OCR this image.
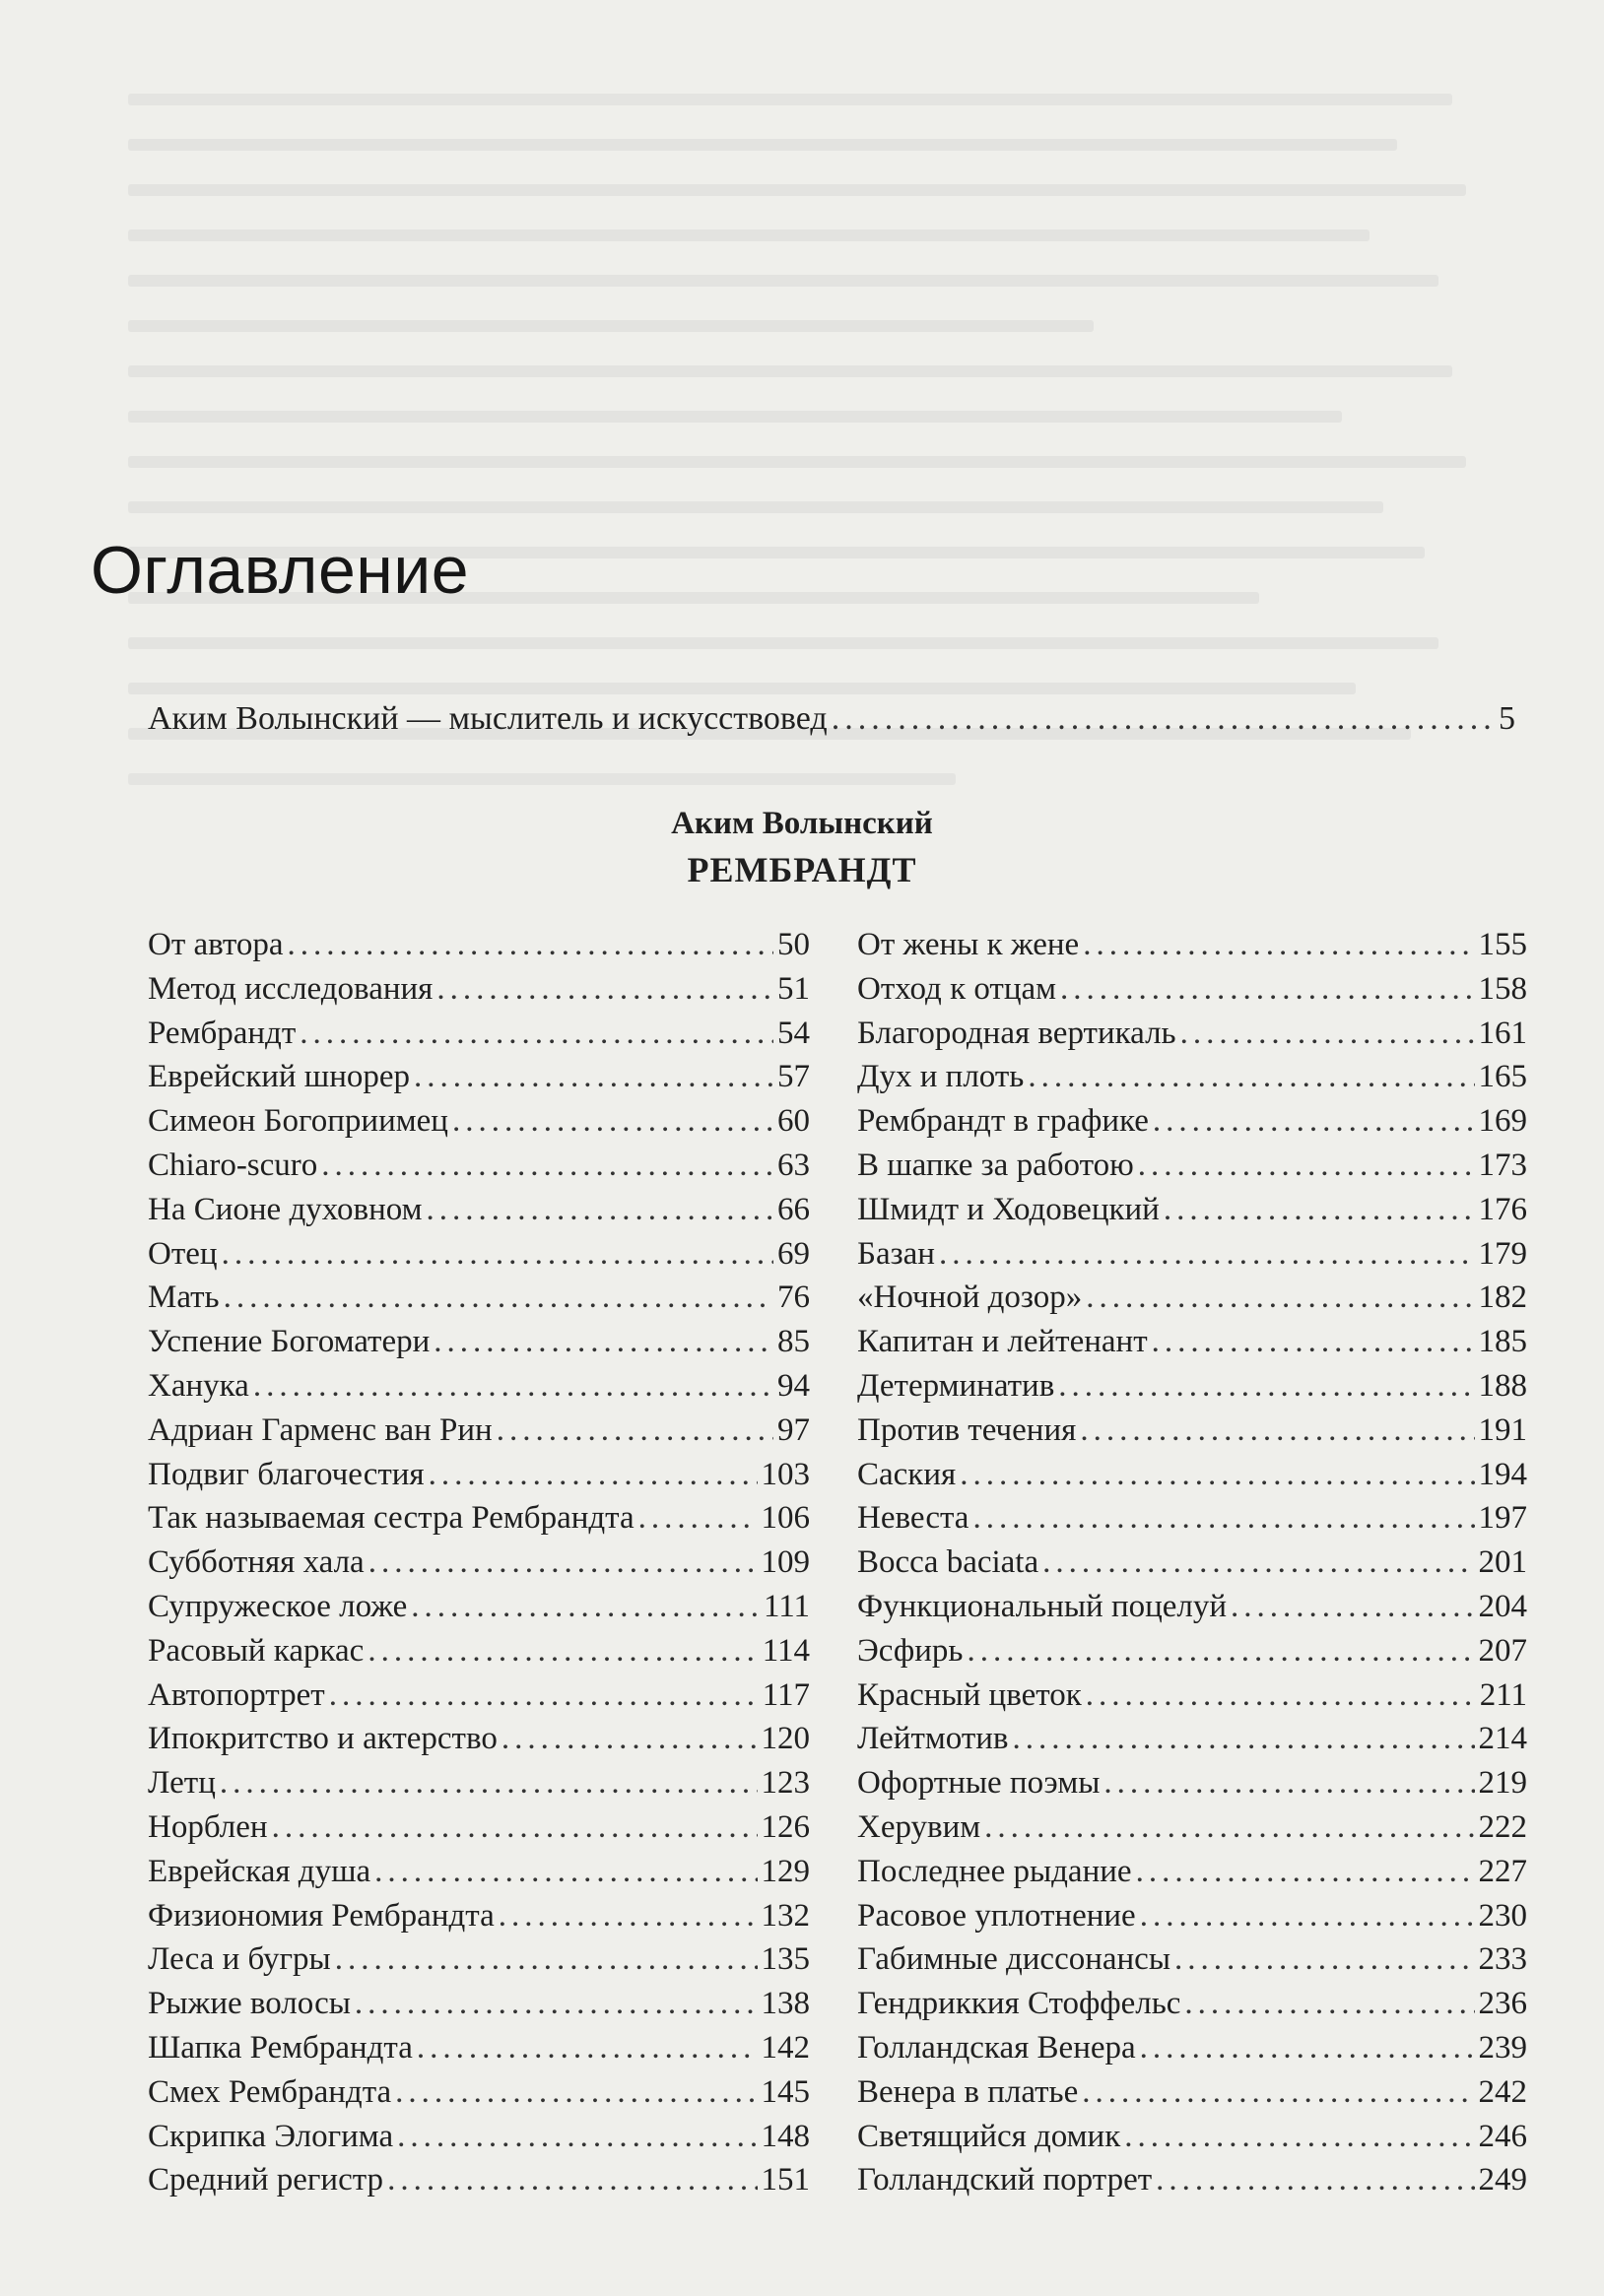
Оглавление
Аким Волынский — мыслитель и искусствовед .....	5
Аким Волынский
РЕМБРАНДТ
От автора .....	50
Метод исследования .....	51
Рембрандт .....	54
Еврейский шнорер .....	57
Симеон Богоприимец .....	60
Chiaro-scuro .....	63
На Сионе духовном .....	66
Отец .....	69
Мать .....	76
Успение Богоматери .....	85
Ханука .....	94
Адриан Гарменс ван Рин .....	97
Подвиг благочестия .....	103
Так называемая сестра Рембрандта .....	106
Субботняя хала .....	109
Супружеское ложе .....	111
Расовый каркас .....	114
Автопортрет .....	117
Ипокритство и актерство .....	120
Летц .....	123
Норблен .....	126
Еврейская душа .....	129
Физиономия Рембрандта .....	132
Леса и бугры .....	135
Рыжие волосы .....	138
Шапка Рембрандта .....	142
Смех Рембрандта .....	145
Скрипка Элогима .....	148
Средний регистр .....	151
От жены к жене .....	155
Отход к отцам .....	158
Благородная вертикаль .....	161
Дух и плоть .....	165
Рембрандт в графике .....	169
В шапке за работою .....	173
Шмидт и Ходовецкий .....	176
Базан .....	179
«Ночной дозор» .....	182
Капитан и лейтенант .....	185
Детерминатив .....	188
Против течения .....	191
Саския .....	194
Невеста .....	197
Bocca baciata .....	201
Функциональный поцелуй .....	204
Эсфирь .....	207
Красный цветок .....	211
Лейтмотив .....	214
Офортные поэмы .....	219
Херувим .....	222
Последнее рыдание .....	227
Расовое уплотнение .....	230
Габимные диссонансы .....	233
Гендриккия Стоффельс .....	236
Голландская Венера .....	239
Венера в платье .....	242
Светящийся домик .....	246
Голландский портрет .....	249
